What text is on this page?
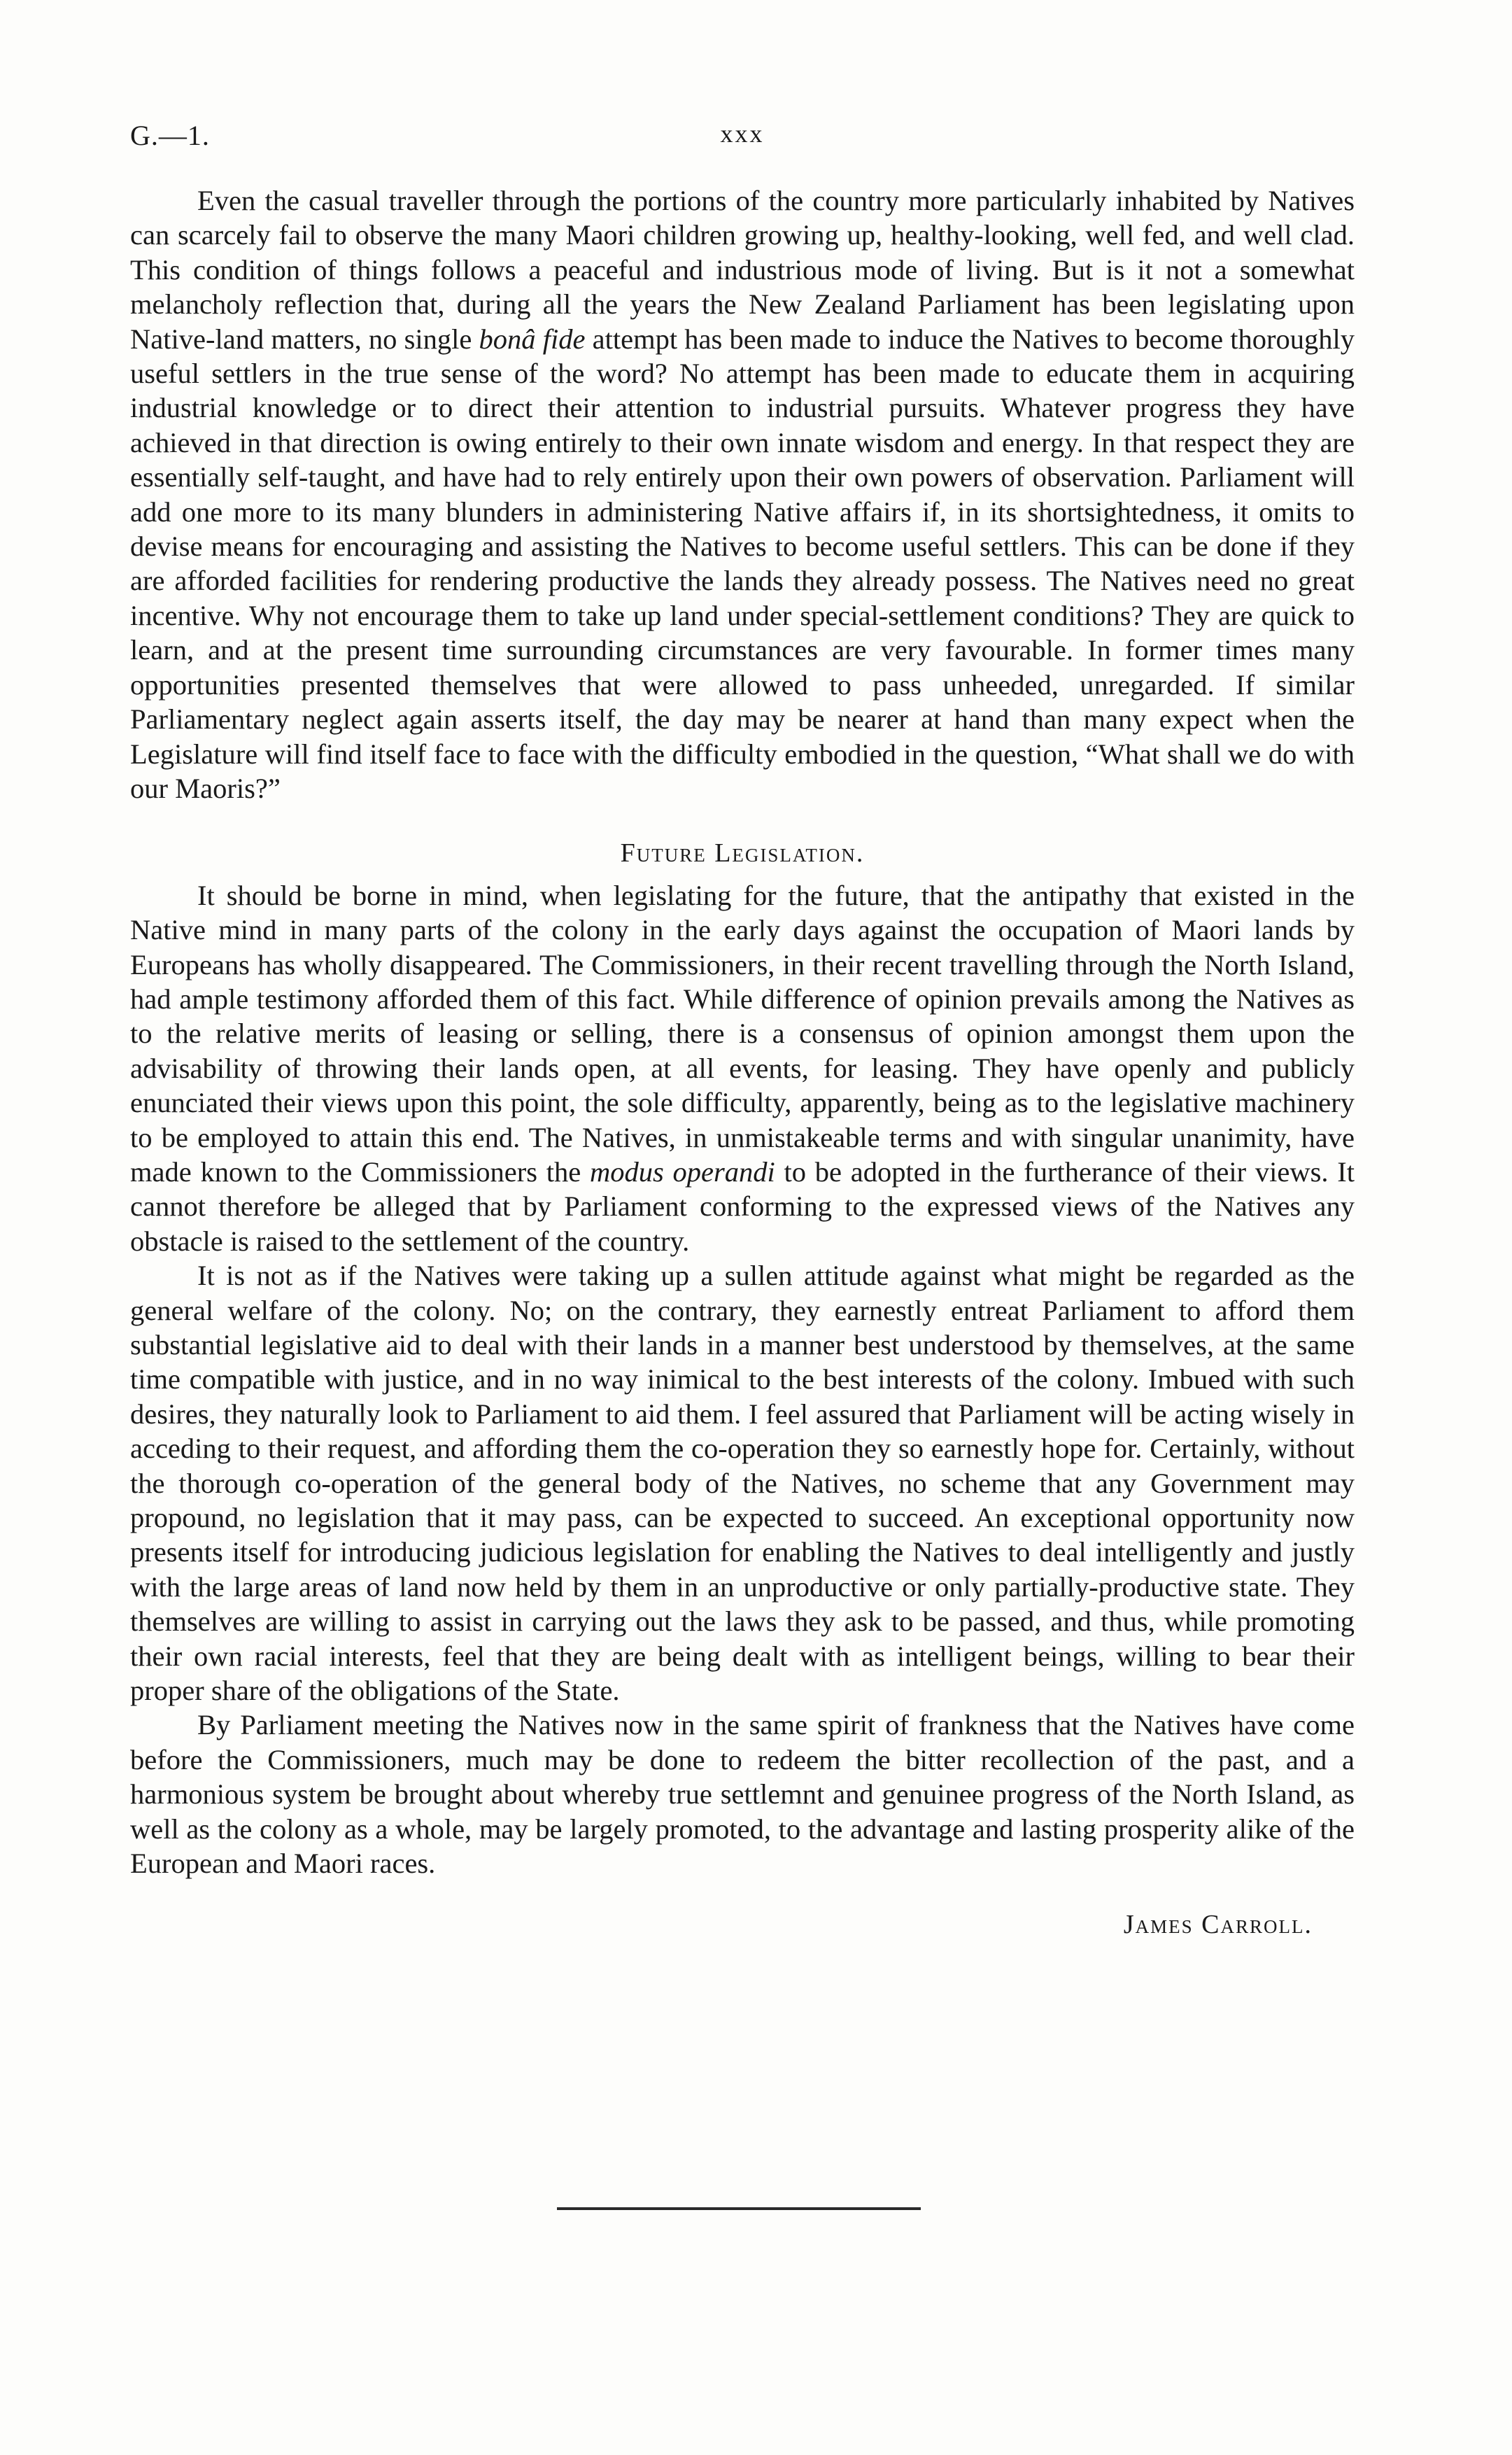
G.—1.	xxx

Even the casual traveller through the portions of the country more particularly inhabited by Natives can scarcely fail to observe the many Maori children growing up, healthy-looking, well fed, and well clad. This condition of things follows a peaceful and industrious mode of living. But is it not a somewhat melancholy reflection that, during all the years the New Zealand Parliament has been legislating upon Native-land matters, no single bonâ fide attempt has been made to induce the Natives to become thoroughly useful settlers in the true sense of the word? No attempt has been made to educate them in acquiring industrial knowledge or to direct their attention to industrial pursuits. Whatever progress they have achieved in that direction is owing entirely to their own innate wisdom and energy. In that respect they are essentially self-taught, and have had to rely entirely upon their own powers of observation. Parliament will add one more to its many blunders in administering Native affairs if, in its shortsightedness, it omits to devise means for encouraging and assisting the Natives to become useful settlers. This can be done if they are afforded facilities for rendering productive the lands they already possess. The Natives need no great incentive. Why not encourage them to take up land under special-settlement conditions? They are quick to learn, and at the present time surrounding circumstances are very favourable. In former times many opportunities presented themselves that were allowed to pass unheeded, unregarded. If similar Parliamentary neglect again asserts itself, the day may be nearer at hand than many expect when the Legislature will find itself face to face with the difficulty embodied in the question, “What shall we do with our Maoris?”

Future Legislation.

It should be borne in mind, when legislating for the future, that the antipathy that existed in the Native mind in many parts of the colony in the early days against the occupation of Maori lands by Europeans has wholly disappeared. The Commissioners, in their recent travelling through the North Island, had ample testimony afforded them of this fact. While difference of opinion prevails among the Natives as to the relative merits of leasing or selling, there is a consensus of opinion amongst them upon the advisability of throwing their lands open, at all events, for leasing. They have openly and publicly enunciated their views upon this point, the sole difficulty, apparently, being as to the legislative machinery to be employed to attain this end. The Natives, in unmistakeable terms and with singular unanimity, have made known to the Commissioners the modus operandi to be adopted in the furtherance of their views. It cannot therefore be alleged that by Parliament conforming to the expressed views of the Natives any obstacle is raised to the settlement of the country.

It is not as if the Natives were taking up a sullen attitude against what might be regarded as the general welfare of the colony. No; on the contrary, they earnestly entreat Parliament to afford them substantial legislative aid to deal with their lands in a manner best understood by themselves, at the same time compatible with justice, and in no way inimical to the best interests of the colony. Imbued with such desires, they naturally look to Parliament to aid them. I feel assured that Parliament will be acting wisely in acceding to their request, and affording them the co-operation they so earnestly hope for. Certainly, without the thorough co-operation of the general body of the Natives, no scheme that any Government may propound, no legislation that it may pass, can be expected to succeed. An exceptional opportunity now presents itself for introducing judicious legislation for enabling the Natives to deal intelligently and justly with the large areas of land now held by them in an unproductive or only partially-productive state. They themselves are willing to assist in carrying out the laws they ask to be passed, and thus, while promoting their own racial interests, feel that they are being dealt with as intelligent beings, willing to bear their proper share of the obligations of the State.

By Parliament meeting the Natives now in the same spirit of frankness that the Natives have come before the Commissioners, much may be done to redeem the bitter recollection of the past, and a harmonious system be brought about whereby true settlemnt and genuinee progress of the North Island, as well as the colony as a whole, may be largely promoted, to the advantage and lasting prosperity alike of the European and Maori races.

James Carroll.
